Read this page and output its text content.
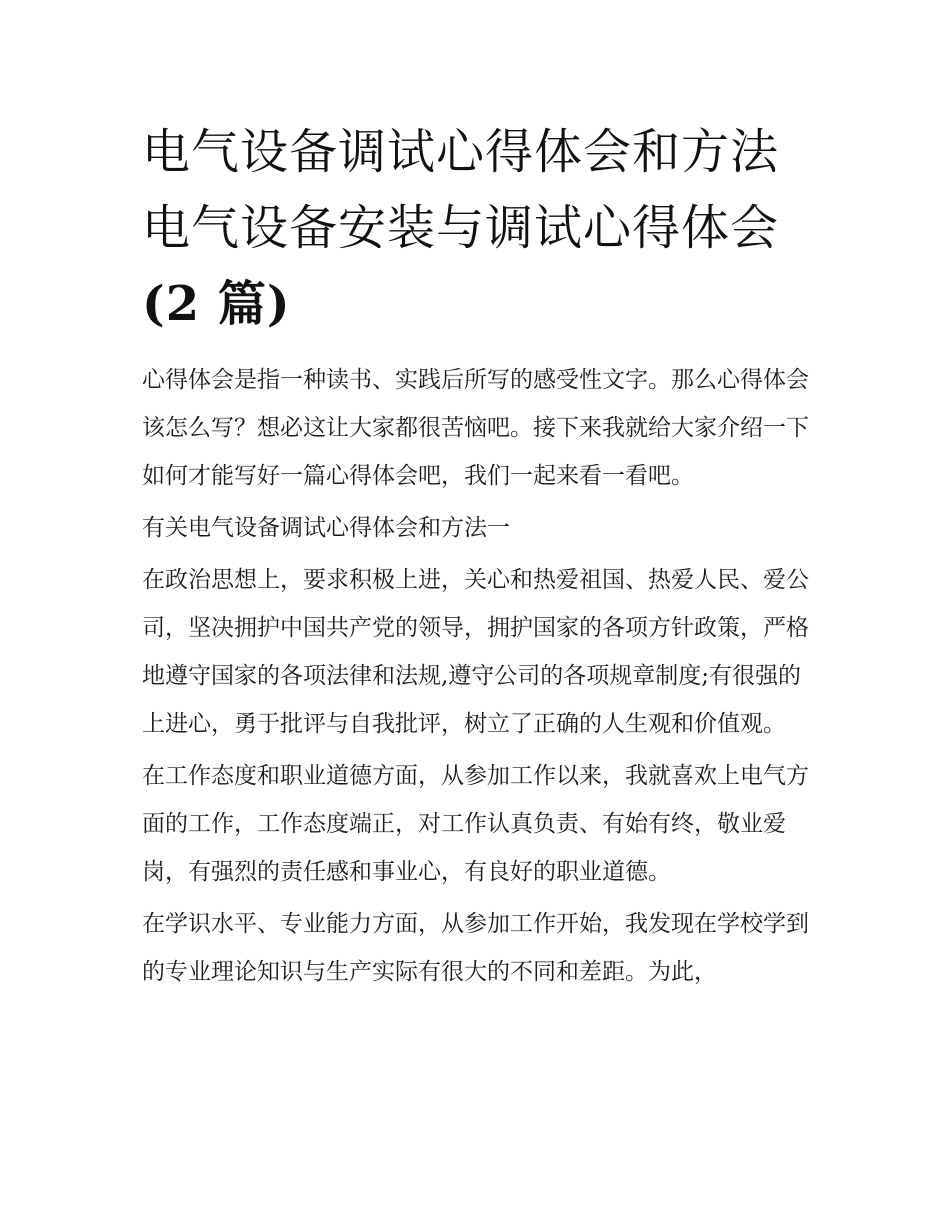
电气设备调试心得体会和方法
电气设备安装与调试心得体会
(2 篇)

心得体会是指一种读书、实践后所写的感受性文字。那么心得体会该怎么写？想必这让大家都很苦恼吧。接下来我就给大家介绍一下如何才能写好一篇心得体会吧，我们一起来看一看吧。

有关电气设备调试心得体会和方法一

在政治思想上，要求积极上进，关心和热爱祖国、热爱人民、爱公司，坚决拥护中国共产党的领导，拥护国家的各项方针政策，严格地遵守国家的各项法律和法规,遵守公司的各项规章制度;有很强的上进心，勇于批评与自我批评，树立了正确的人生观和价值观。

在工作态度和职业道德方面，从参加工作以来，我就喜欢上电气方面的工作，工作态度端正，对工作认真负责、有始有终，敬业爱岗，有强烈的责任感和事业心，有良好的职业道德。

在学识水平、专业能力方面，从参加工作开始，我发现在学校学到的专业理论知识与生产实际有很大的不同和差距。为此，
